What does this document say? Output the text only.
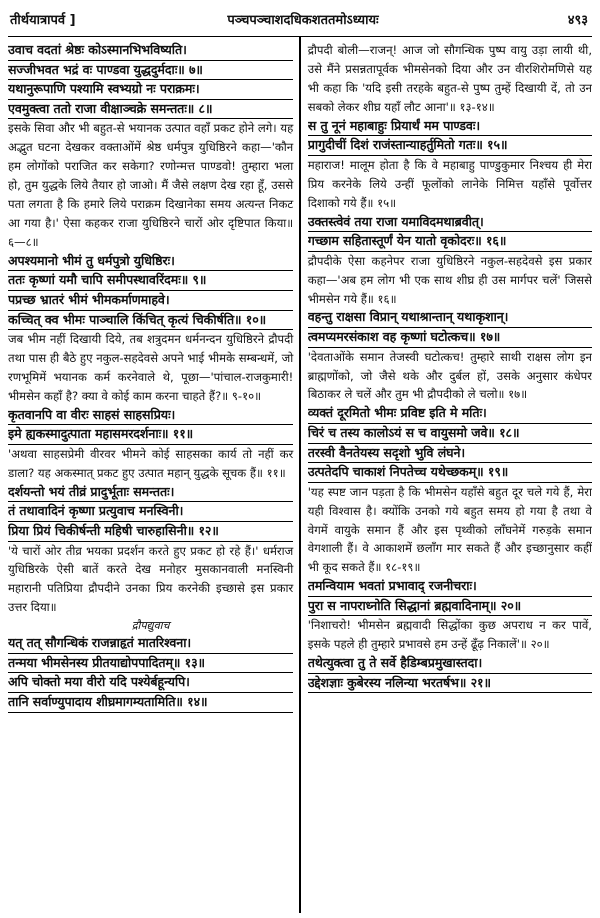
तीर्थयात्रापर्व ]	पञ्चपञ्चाशदधिकशततमोऽध्यायः	४९३
उवाच वदतां श्रेष्ठः कोऽस्मानभिभविष्यति।
सज्जीभवत भद्रं वः पाण्डवा युद्धदुर्मदाः॥ ७॥
यथानुरूपाणि पश्यामि स्वभ्यग्रो नः पराक्रमः।
एवमुक्त्वा ततो राजा वीक्षाञ्चक्रे समन्ततः॥ ८॥
इसके सिवा और भी बहुत-से भयानक उत्पात वहाँ प्रकट होने लगे। यह अद्भुत घटना देखकर वक्ताओंमें श्रेष्ठ धर्मपुत्र युधिष्ठिरने कहा—'कौन हम लोगोंको पराजित कर सकेगा? रणोन्मत्त पाण्डवो! तुम्हारा भला हो, तुम युद्धके लिये तैयार हो जाओ। मैं जैसे लक्षण देख रहा हूँ, उससे पता लगता है कि हमारे लिये पराक्रम दिखानेका समय अत्यन्त निकट आ गया है।' ऐसा कहकर राजा युधिष्ठिरने चारों ओर दृष्टिपात किया॥ ६—८॥
अपश्यमानो भीमं तु धर्मपुत्रो युधिष्ठिरः।
ततः कृष्णां यमौ चापि समीपस्थावरिंदमः॥ ९॥
पप्रच्छ भ्रातरं भीमं भीमकर्माणमाहवे।
कच्चित् क्व भीमः पाञ्चालि किंचित् कृत्यं चिकीर्षति॥ १०॥
जब भीम नहीं दिखायी दिये, तब शत्रुदमन धर्मनन्दन युधिष्ठिरने द्रौपदी तथा पास ही बैठे हुए नकुल-सहदेवसे अपने भाई भीमके सम्बन्धमें, जो रणभूमिमें भयानक कर्म करनेवाले थे, पूछा—'पांचाल-राजकुमारी! भीमसेन कहाँ है? क्या वे कोई काम करना चाहते हैं?॥ ९-१०॥
कृतवानपि वा वीरः साहसं साहसप्रियः।
इमे ह्यकस्मादुत्पाता महासमरदर्शनाः॥ ११॥
'अथवा साहसप्रेमी वीरवर भीमने कोई साहसका कार्य तो नहीं कर डाला? यह अकस्मात् प्रकट हुए उत्पात महान् युद्धके सूचक हैं॥ ११॥
दर्शयन्तो भयं तीव्रं प्रादुर्भूताः समन्ततः।
तं तथावादिनं कृष्णा प्रत्युवाच मनस्विनी।
प्रिया प्रियं चिकीर्षन्ती महिषी चारुहासिनी॥ १२॥
'ये चारों ओर तीव्र भयका प्रदर्शन करते हुए प्रकट हो रहे हैं।' धर्मराज युधिष्ठिरके ऐसी बातें करते देख मनोहर मुसकानवाली मनस्विनी महारानी पतिप्रिया द्रौपदीने उनका प्रिय करनेकी इच्छासे इस प्रकार उत्तर दिया॥
द्रौपद्युवाच
यत् तत् सौगन्धिकं राजन्नाहृतं मातरिश्वना।
तन्मया भीमसेनस्य प्रीतयाद्योपपादितम्॥ १३॥
अपि चोक्तो मया वीरो यदि पश्येर्बहून्यपि।
तानि सर्वाण्युपादाय शीघ्रमागम्यतामिति॥ १४॥
द्रौपदी बोली—राजन्! आज जो सौगन्धिक पुष्प वायु उड़ा लायी थी, उसे मैंने प्रसन्नतापूर्वक भीमसेनको दिया और उन वीरशिरोमणिसे यह भी कहा कि 'यदि इसी तरहके बहुत-से पुष्प तुम्हें दिखायी दें, तो उन सबको लेकर शीघ्र यहाँ लौट आना'॥ १३-१४॥
स तु नूनं महाबाहुः प्रियार्थं मम पाण्डवः।
प्रागुदीचीं दिशं राजंस्तान्याहर्तुमितो गतः॥ १५॥
महाराज! मालूम होता है कि वे महाबाहु पाण्डुकुमार निश्चय ही मेरा प्रिय करनेके लिये उन्हीं फूलोंको लानेके निमित्त यहाँसे पूर्वोत्तर दिशाको गये हैं॥ १५॥
उक्तस्त्वेवं तया राजा यमाविदमथाब्रवीत्।
गच्छाम सहितास्तूर्णं येन यातो वृकोदरः॥ १६॥
द्रौपदीके ऐसा कहनेपर राजा युधिष्ठिरने नकुल-सहदेवसे इस प्रकार कहा—'अब हम लोग भी एक साथ शीघ्र ही उस मार्गपर चलें' जिससे भीमसेन गये हैं॥ १६॥
वहन्तु राक्षसा विप्रान् यथाश्रान्तान् यथाकृशान्।
त्वमप्यमरसंकाश वह कृष्णां घटोत्कच॥ १७॥
'देवताओंके समान तेजस्वी घटोत्कच! तुम्हारे साथी राक्षस लोग इन ब्राह्मणोंको, जो जैसे थके और दुर्बल हों, उसके अनुसार कंधेपर बिठाकर ले चलें और तुम भी द्रौपदीको ले चलो॥ १७॥
व्यक्तं दूरमितो भीमः प्रविष्ट इति मे मतिः।
चिरं च तस्य कालोऽयं स च वायुसमो जवे॥ १८॥
तरस्वी वैनतेयस्य सदृशो भुवि लंघने।
उत्पतेदपि चाकाशं निपतेच्च यथेच्छकम्॥ १९॥
'यह स्पष्ट जान पड़ता है कि भीमसेन यहाँसे बहुत दूर चले गये हैं, मेरा यही विश्वास है। क्योंकि उनको गये बहुत समय हो गया है तथा वे वेगमें वायुके समान हैं और इस पृथ्वीको लाँघनेमें गरुड़के समान वेगशाली हैं। वे आकाशमें छलाँग मार सकते हैं और इच्छानुसार कहीं भी कूद सकते हैं॥ १८-१९॥
तमन्वियाम भवतां प्रभावाद् रजनीचराः।
पुरा स नापराध्नोति सिद्धानां ब्रह्मवादिनाम्॥ २०॥
'निशाचरो! भीमसेन ब्रह्मवादी सिद्धोंका कुछ अपराध न कर पावें, इसके पहले ही तुम्हारे प्रभावसे हम उन्हें ढूँढ़ निकालें'॥ २०॥
तथेत्युक्त्वा तु ते सर्वे हैडिम्बप्रमुखास्तदा।
उद्देशज्ञाः कुबेरस्य नलिन्या भरतर्षभ॥ २१॥
